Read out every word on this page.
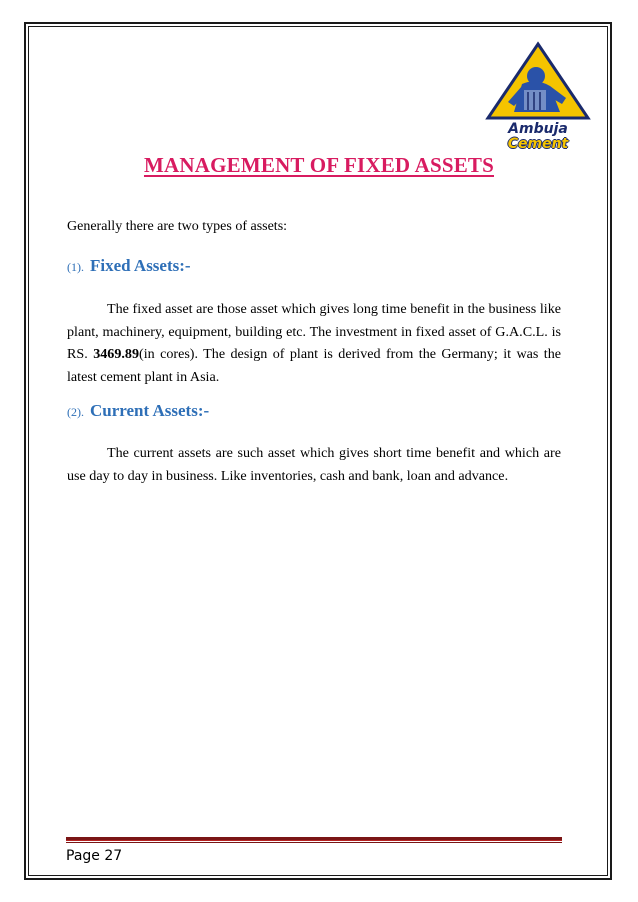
Ambuja
Cement
MANAGEMENT OF FIXED ASSETS
Generally there are two types of assets:
(1). Fixed Assets:-
The fixed asset are those asset which gives long time benefit in the business like plant, machinery, equipment, building etc. The investment in fixed asset of G.A.C.L. is RS. 3469.89(in cores). The design of plant is derived from the Germany; it was the latest cement plant in Asia.
(2). Current Assets:-
The current assets are such asset which gives short time benefit and which are use day to day in business. Like inventories, cash and bank, loan and advance.
Page 27
